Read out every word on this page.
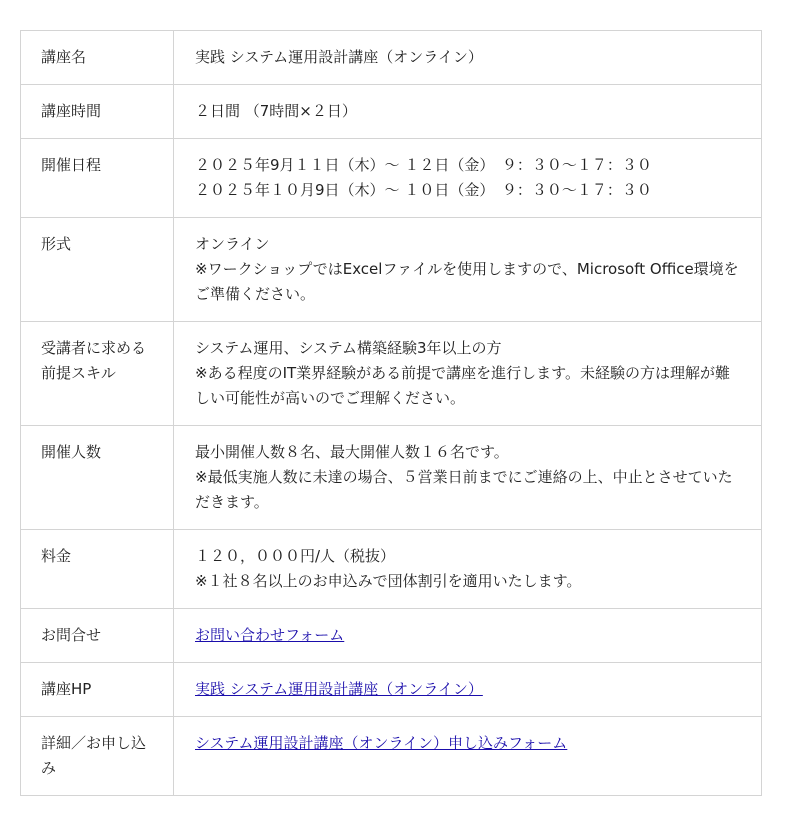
講座名	実践 システム運用設計講座（オンライン）

講座時間	２日間 （7時間×２日）

開催日程	２０２５年9月１１日（木）～ １２日（金）　９：３０～１７：３０
２０２５年１０月9日（木）～ １０日（金）　９：３０～１７：３０

形式	オンライン
※ワークショップではExcelファイルを使用しますので、Microsoft Office環境をご準備ください。

受講者に求める前提スキル	システム運用、システム構築経験3年以上の方
※ある程度のIT業界経験がある前提で講座を進行します。未経験の方は理解が難しい可能性が高いのでご理解ください。

開催人数	最小開催人数８名、最大開催人数１６名です。
※最低実施人数に未達の場合、５営業日前までにご連絡の上、中止とさせていただきます。

料金	１２０，０００円/人（税抜）
※１社８名以上のお申込みで団体割引を適用いたします。

お問合せ	お問い合わせフォーム
講座HP	実践 システム運用設計講座（オンライン）
詳細／お申し込み	システム運用設計講座（オンライン）申し込みフォーム
